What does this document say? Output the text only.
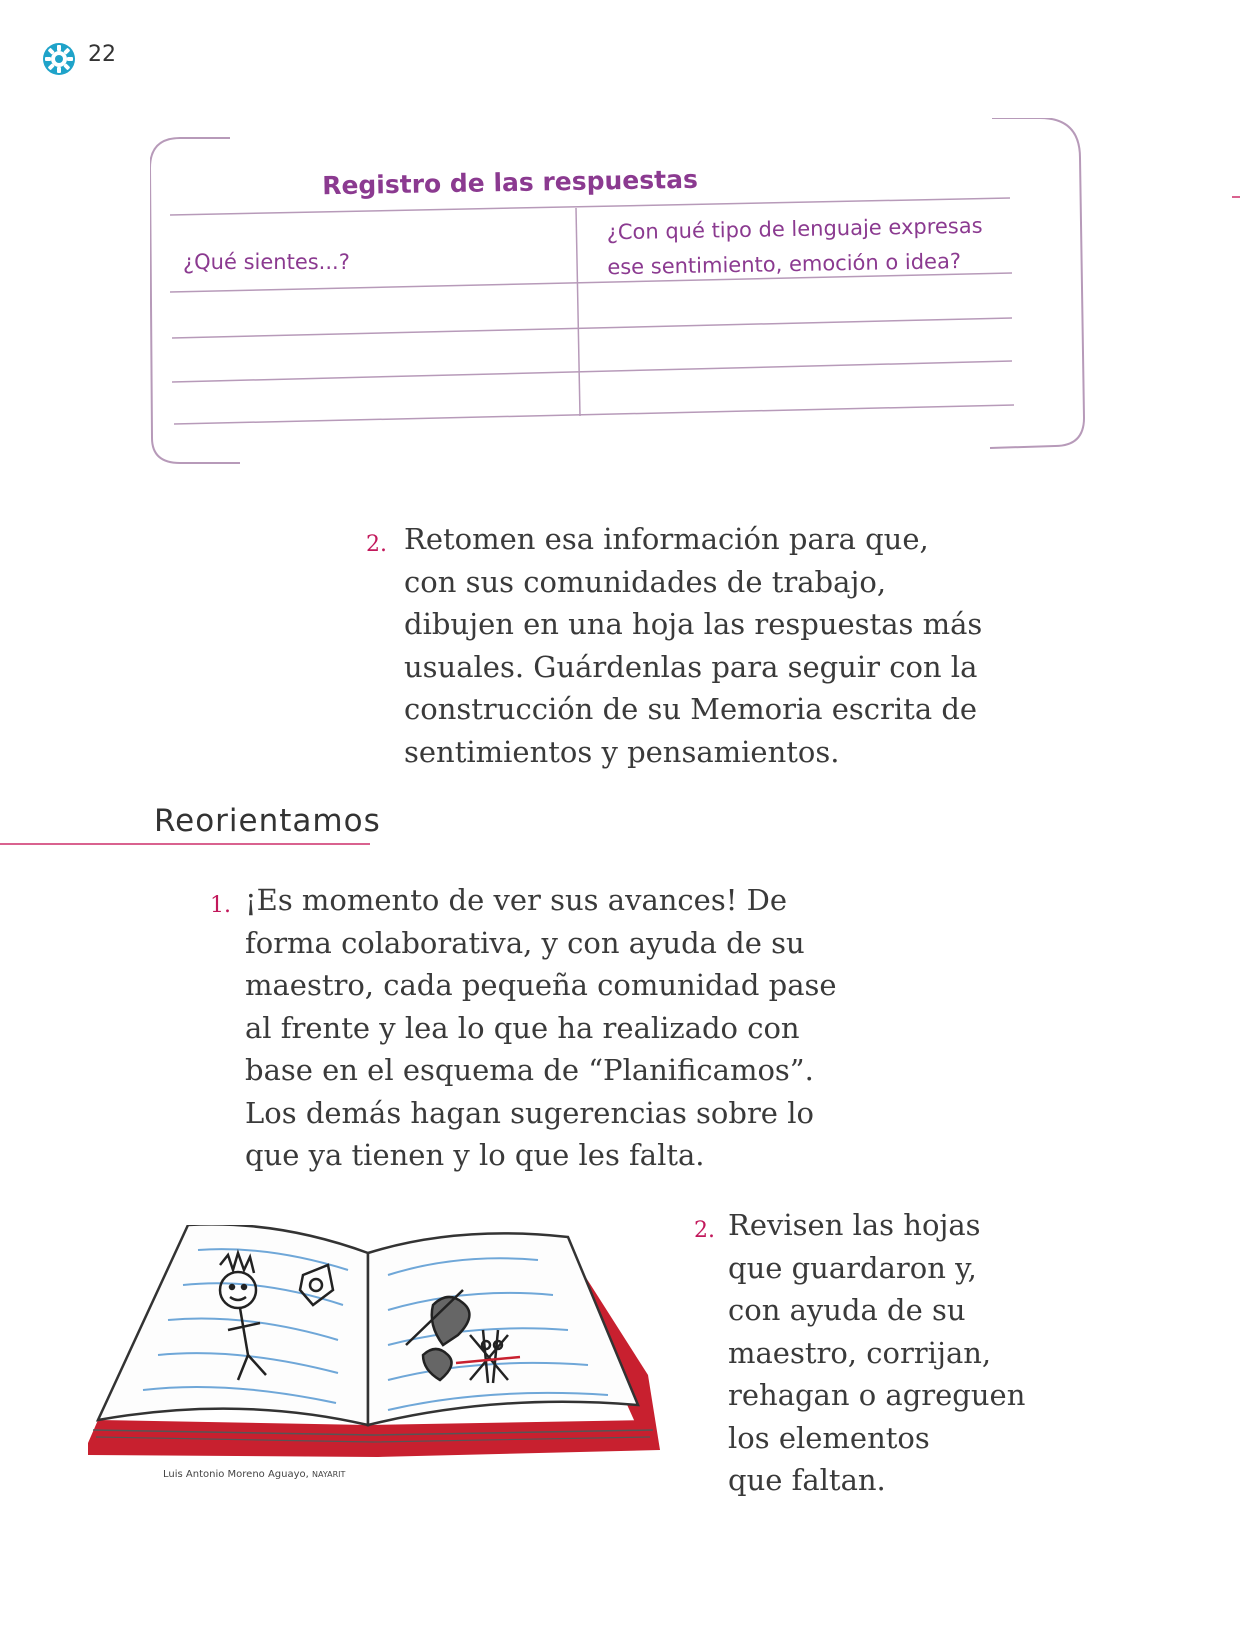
22
Registro de las respuestas
¿Qué sientes...?
¿Con qué tipo de lenguaje expresas
ese sentimiento, emoción o idea?
2. Retomen esa información para que,

con sus comunidades de trabajo,

dibujen en una hoja las respuestas más

usuales. Guárdenlas para seguir con la

construcción de su Memoria escrita de

sentimientos y pensamientos.

Reorientamos
1. ¡Es momento de ver sus avances! De

forma colaborativa, y con ayuda de su

maestro, cada pequeña comunidad pase

al frente y lea lo que ha realizado con

base en el esquema de “Planificamos”.

Los demás hagan sugerencias sobre lo

que ya tienen y lo que les falta.

Luis Antonio Moreno Aguayo, NAYARIT
2. Revisen las hojas

que guardaron y,

con ayuda de su

maestro, corrijan,

rehagan o agreguen

los elementos

que faltan.
